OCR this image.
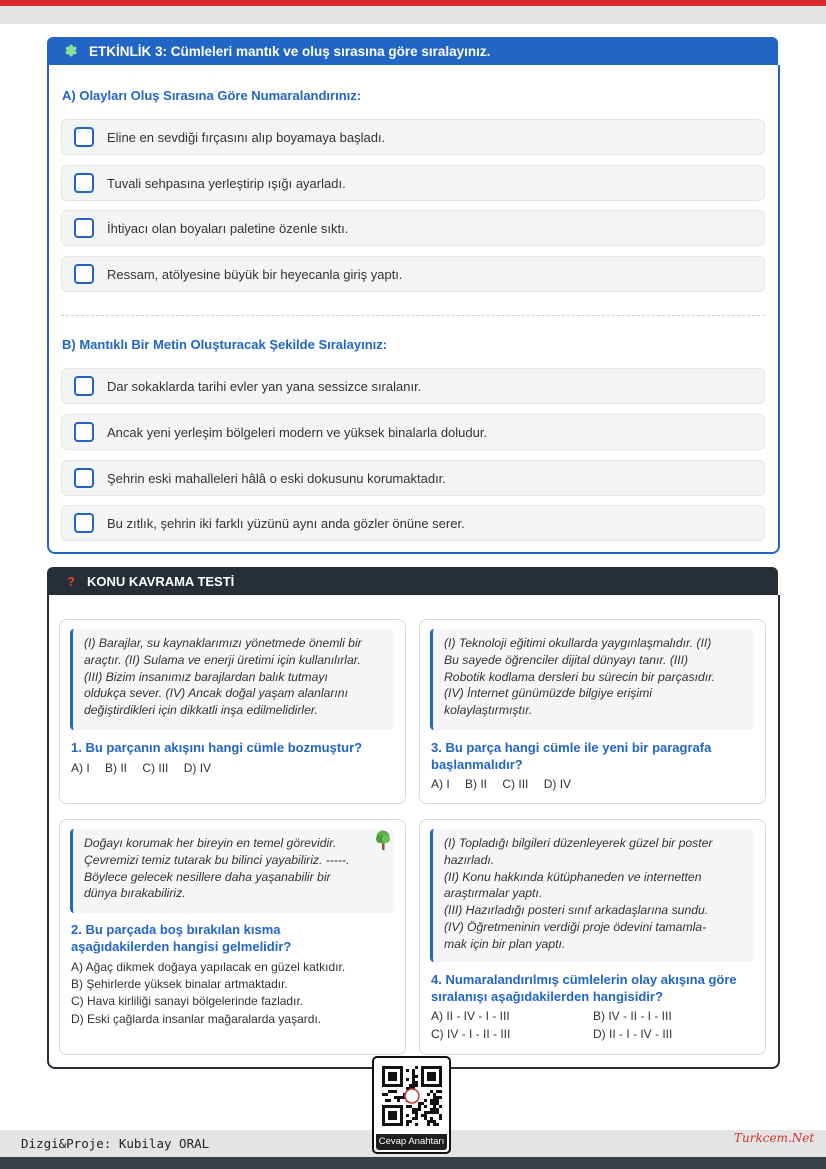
✽ ETKİNLİK 3: Cümleleri mantık ve oluş sırasına göre sıralayınız.
A) Olayları Oluş Sırasına Göre Numaralandırınız:
Eline en sevdiği fırçasını alıp boyamaya başladı.
Tuvali sehpasına yerleştirip ışığı ayarladı.
İhtiyacı olan boyaları paletine özenle sıktı.
Ressam, atölyesine büyük bir heyecanla giriş yaptı.
B) Mantıklı Bir Metin Oluşturacak Şekilde Sıralayınız:
Dar sokaklarda tarihi evler yan yana sessizce sıralanır.
Ancak yeni yerleşim bölgeleri modern ve yüksek binalarla doludur.
Şehrin eski mahalleleri hâlâ o eski dokusunu korumaktadır.
Bu zıtlık, şehrin iki farklı yüzünü aynı anda gözler önüne serer.
? KONU KAVRAMA TESTİ
(I) Barajlar, su kaynaklarımızı yönetmede önemli bir
araçtır. (II) Sulama ve enerji üretimi için kullanılırlar.
(III) Bizim insanımız barajlardan balık tutmayı
oldukça sever. (IV) Ancak doğal yaşam alanlarını
değiştirdikleri için dikkatli inşa edilmelidirler.
1. Bu parçanın akışını hangi cümle bozmuştur?
A) I B) II C) III D) IV
(I) Teknoloji eğitimi okullarda yaygınlaşmalıdır. (II)
Bu sayede öğrenciler dijital dünyayı tanır. (III)
Robotik kodlama dersleri bu sürecin bir parçasıdır.
(IV) İnternet günümüzde bilgiye erişimi
kolaylaştırmıştır.
3. Bu parça hangi cümle ile yeni bir paragrafa
başlanmalıdır?
A) I B) II C) III D) IV
Doğayı korumak her bireyin en temel görevidir.
Çevremizi temiz tutarak bu bilinci yayabiliriz. -----.
Böylece gelecek nesillere daha yaşanabilir bir
dünya bırakabiliriz.
2. Bu parçada boş bırakılan kısma
aşağıdakilerden hangisi gelmelidir?
A) Ağaç dikmek doğaya yapılacak en güzel katkıdır.
B) Şehirlerde yüksek binalar artmaktadır.
C) Hava kirliliği sanayi bölgelerinde fazladır.
D) Eski çağlarda insanlar mağaralarda yaşardı.
(I) Topladığı bilgileri düzenleyerek güzel bir poster
hazırladı.
(II) Konu hakkında kütüphaneden ve internetten
araştırmalar yaptı.
(III) Hazırladığı posteri sınıf arkadaşlarına sundu.
(IV) Öğretmeninin verdiği proje ödevini tamamla-
mak için bir plan yaptı.
4. Numaralandırılmış cümlelerin olay akışına göre
sıralanışı aşağıdakilerden hangisidir?
A) II - IV - I - III	B) IV - II - I - III
C) IV - I - II - III	D) II - I - IV - III
Dizgi&Proje: Kubilay ORAL	Turkcem.Net
Cevap Anahtarı
